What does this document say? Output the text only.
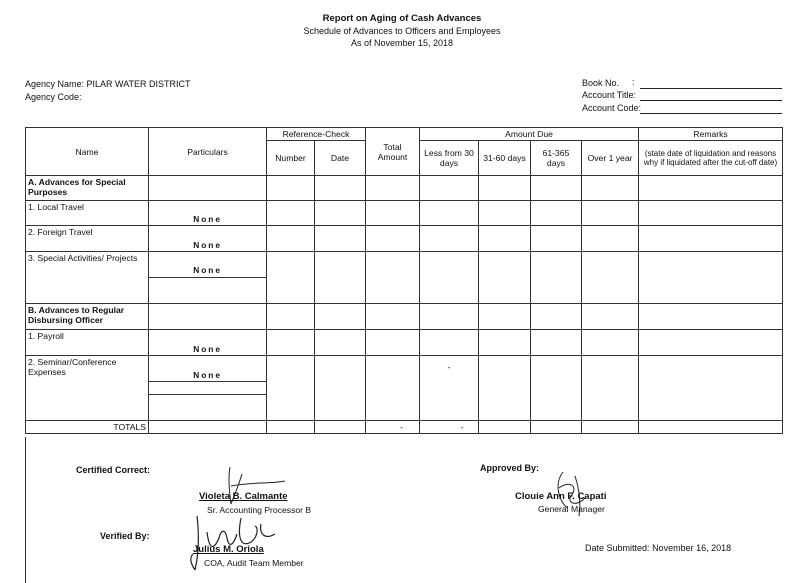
Report on Aging of Cash Advances
Schedule of Advances to Officers and Employees
As of November 15, 2018
Agency Name: PILAR WATER DISTRICT
Agency Code:
Book No. :
Account Title:
Account Code:
Name	Particulars	Reference-Check		Total Amount	Amount Due				Remarks
		Number	Date		Less from 30 days	31-60 days	61-365 days	Over 1 year	(state date of liquidation and reasons why if liquidated after the cut-off date)
A. Advances for Special Purposes									
1. Local Travel	None								

2. Foreign Travel	None								

3. Special Activities/ Projects	None								

B. Advances to Regular Disbursing Officer									
1. Payroll	None								

2. Seminar/Conference Expenses	None				-				

TOTALS				-	-				
Certified Correct:
Violeta B. Calmante
Sr. Accounting Processor B
Approved By:
Clouie Ann F. Capati
General Manager
Verified By:
Julius M. Oriola
COA, Audit Team Member
Date Submitted: November 16, 2018
